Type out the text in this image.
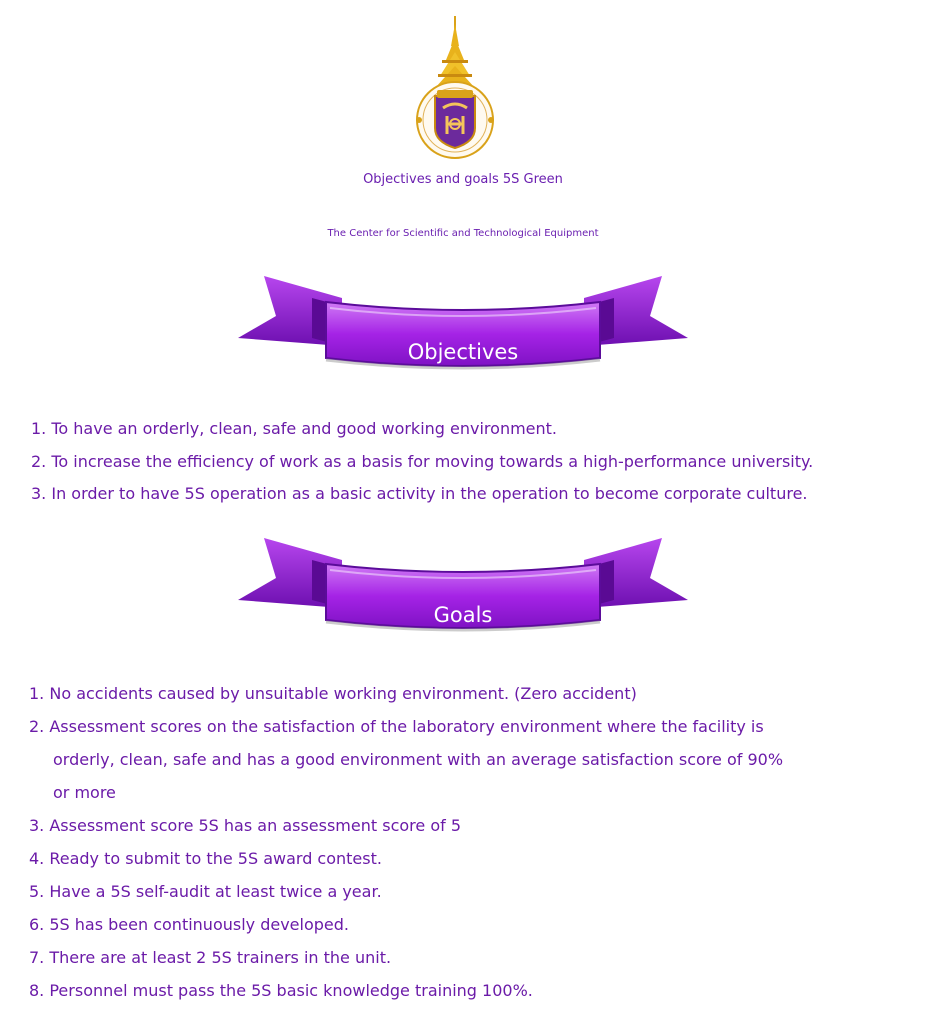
Objectives and goals 5S Green
The Center for Scientific and Technological Equipment
Objectives
1. To have an orderly, clean, safe and good working environment.
2. To increase the efficiency of work as a basis for moving towards a high-performance university.
3. In order to have 5S operation as a basic activity in the operation to become corporate culture.
Goals
1. No accidents caused by unsuitable working environment. (Zero accident)
2. Assessment scores on the satisfaction of the laboratory environment where the facility is
orderly, clean, safe and has a good environment with an average satisfaction score of 90%
or more
3. Assessment score 5S has an assessment score of 5
4. Ready to submit to the 5S award contest.
5. Have a 5S self-audit at least twice a year.
6. 5S has been continuously developed.
7. There are at least 2 5S trainers in the unit.
8. Personnel must pass the 5S basic knowledge training 100%.
